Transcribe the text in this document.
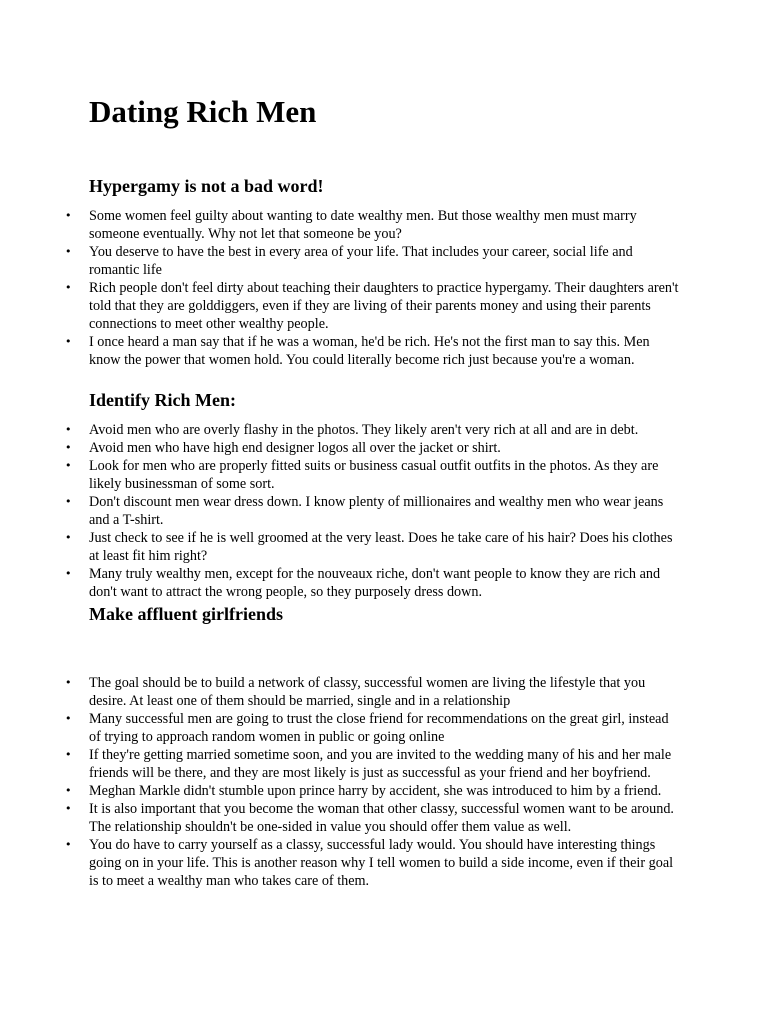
Dating Rich Men
Hypergamy is not a bad word!
• Some women feel guilty about wanting to date wealthy men. But those wealthy men must marry someone eventually. Why not let that someone be you?
• You deserve to have the best in every area of your life. That includes your career, social life and romantic life
• Rich people don't feel dirty about teaching their daughters to practice hypergamy. Their daughters aren't told that they are golddiggers, even if they are living of their parents money and using their parents connections to meet other wealthy people.
• I once heard a man say that if he was a woman, he'd be rich. He's not the first man to say this. Men know the power that women hold. You could literally become rich just because you're a woman.
Identify Rich Men:
• Avoid men who are overly flashy in the photos. They likely aren't very rich at all and are in debt.
• Avoid men who have high end designer logos all over the jacket or shirt.
• Look for men who are properly fitted suits or business casual outfit outfits in the photos. As they are likely businessman of some sort.
• Don't discount men wear dress down. I know plenty of millionaires and wealthy men who wear jeans and a T-shirt.
• Just check to see if he is well groomed at the very least. Does he take care of his hair? Does his clothes at least fit him right?
• Many truly wealthy men, except for the nouveaux riche, don't want people to know they are rich and don't want to attract the wrong people, so they purposely dress down.
Make affluent girlfriends
• The goal should be to build a network of classy, successful women are living the lifestyle that you desire. At least one of them should be married, single and in a relationship
• Many successful men are going to trust the close friend for recommendations on the great girl, instead of trying to approach random women in public or going online
• If they're getting married sometime soon, and you are invited to the wedding many of his and her male friends will be there, and they are most likely is just as successful as your friend and her boyfriend.
• Meghan Markle didn't stumble upon prince harry by accident, she was introduced to him by a friend.
• It is also important that you become the woman that other classy, successful women want to be around. The relationship shouldn't be one-sided in value you should offer them value as well.
• You do have to carry yourself as a classy, successful lady would. You should have interesting things going on in your life. This is another reason why I tell women to build a side income, even if their goal is to meet a wealthy man who takes care of them.
